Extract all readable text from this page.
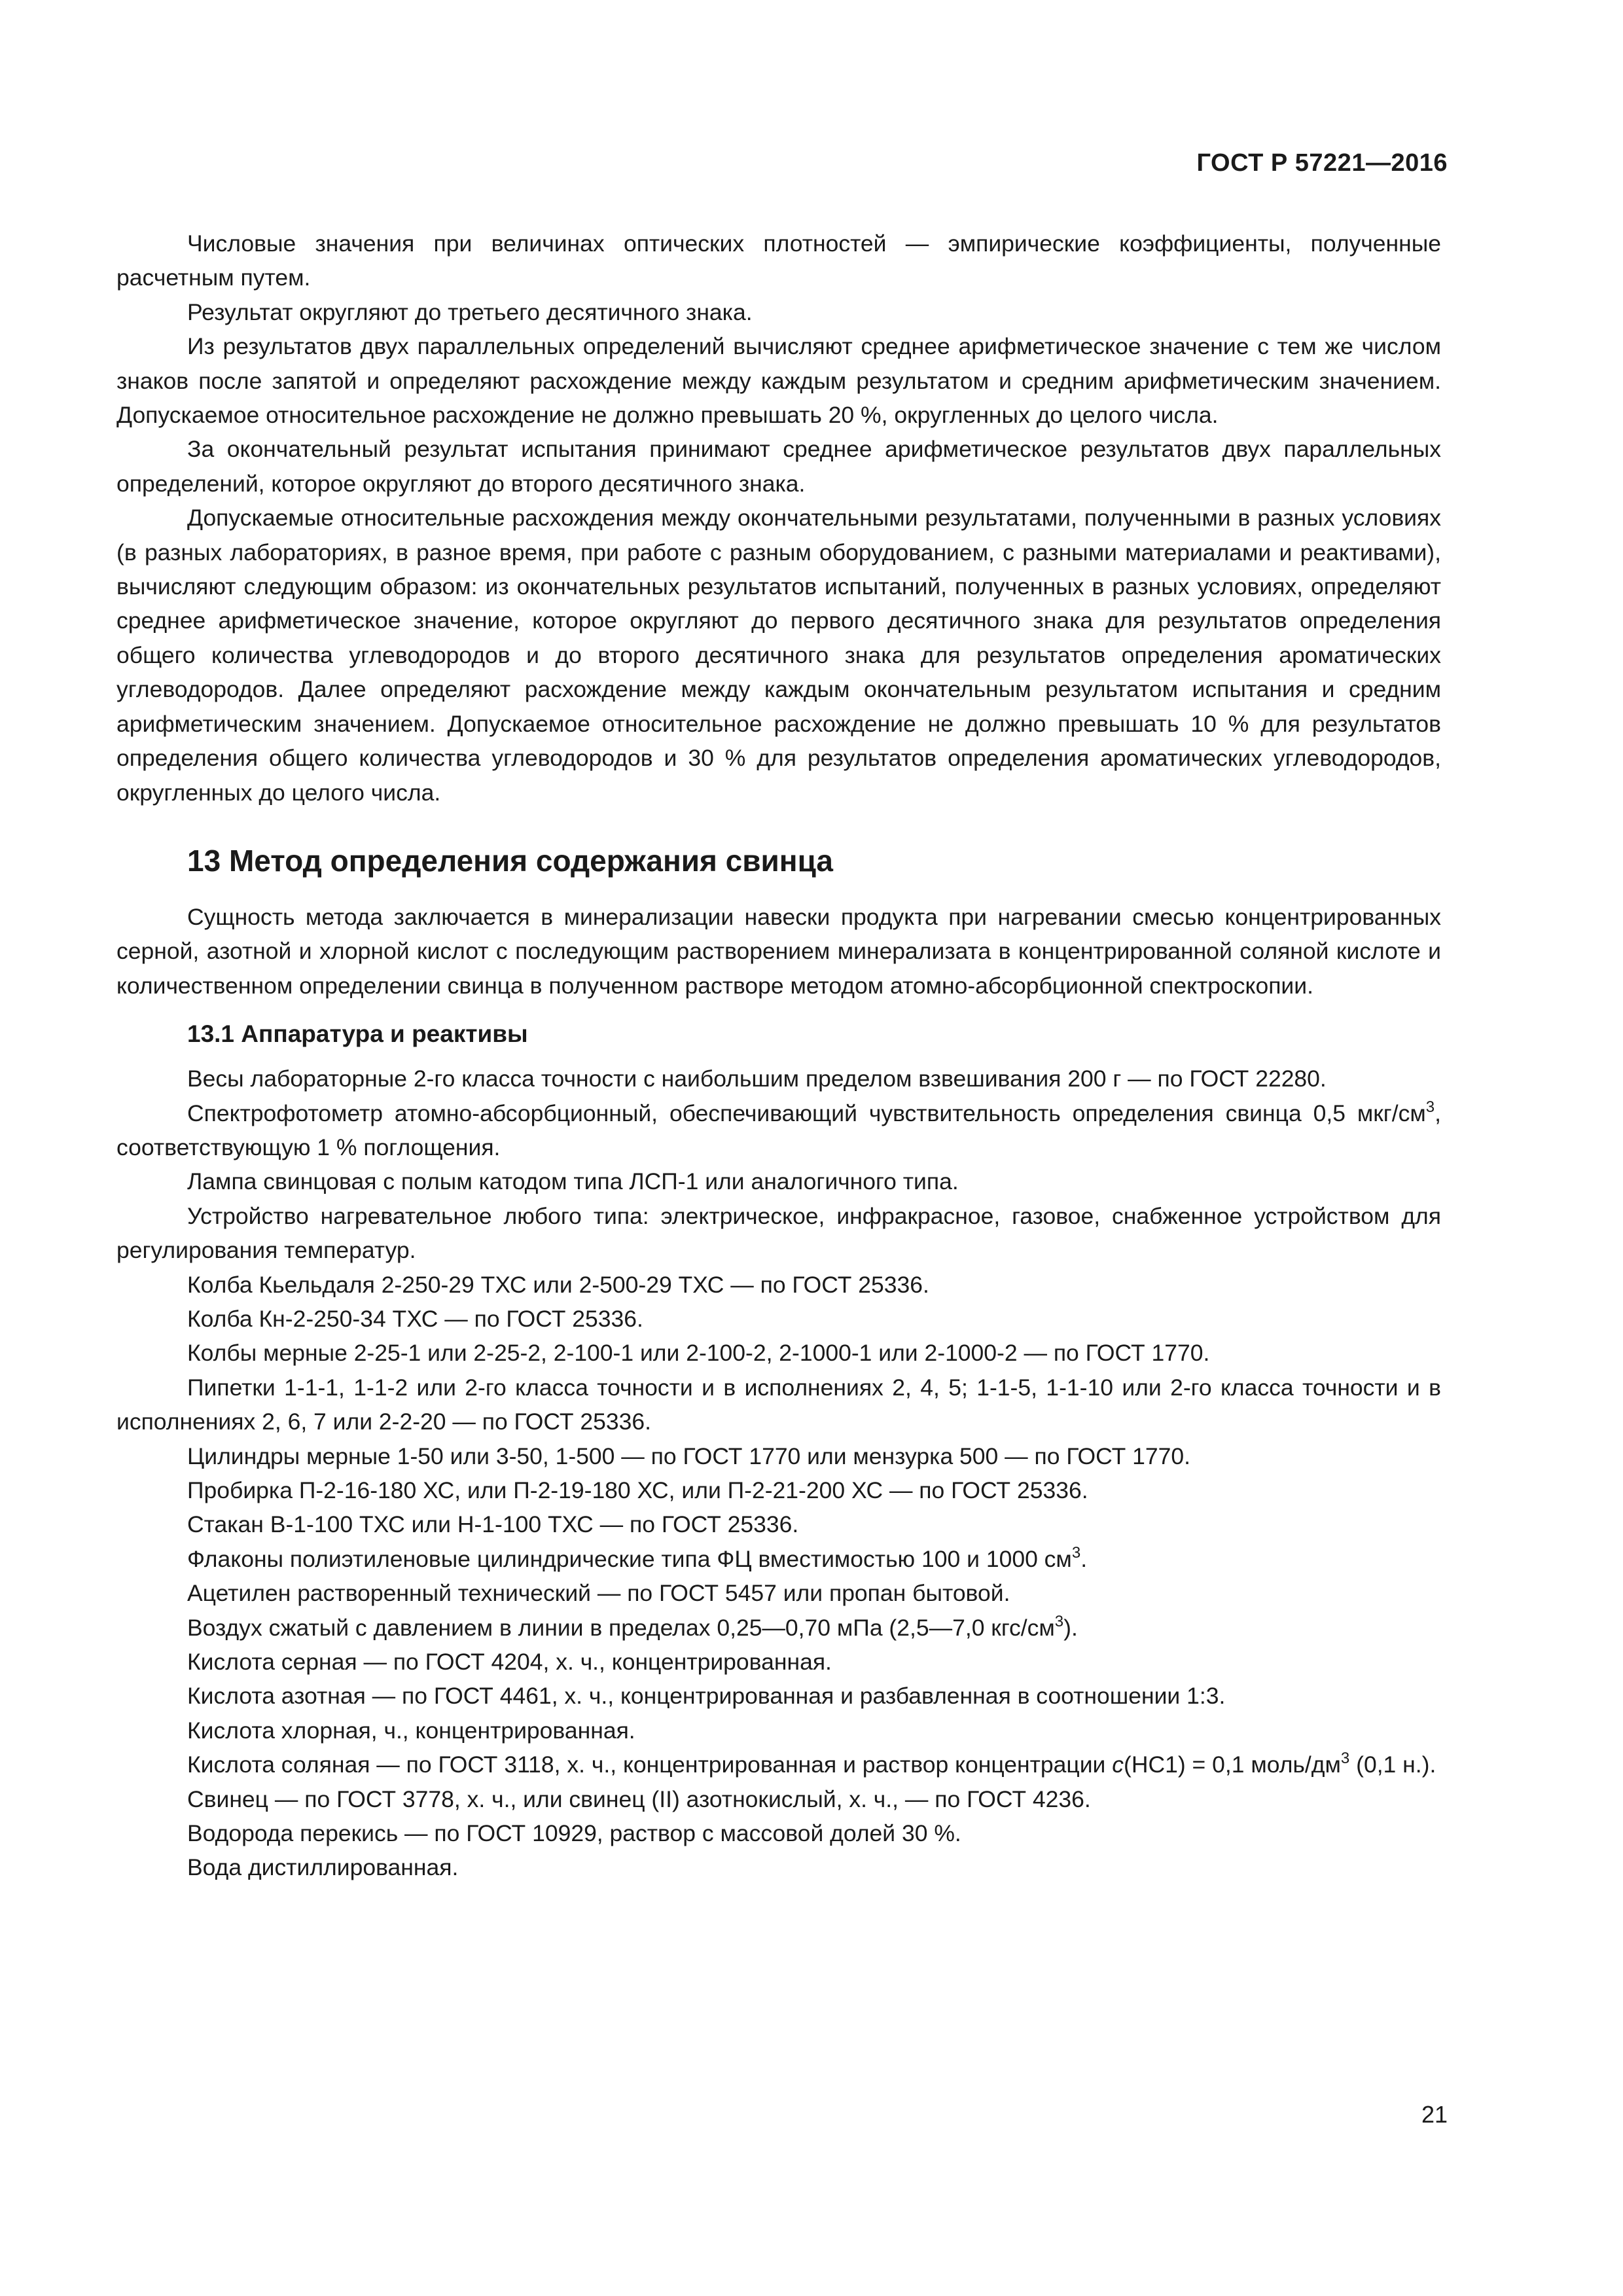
ГОСТ Р 57221—2016

Числовые значения при величинах оптических плотностей — эмпирические коэффициенты, полученные расчетным путем.

Результат округляют до третьего десятичного знака.

Из результатов двух параллельных определений вычисляют среднее арифметическое значение с тем же числом знаков после запятой и определяют расхождение между каждым результатом и средним арифметическим значением. Допускаемое относительное расхождение не должно превышать 20 %, округленных до целого числа.

За окончательный результат испытания принимают среднее арифметическое результатов двух параллельных определений, которое округляют до второго десятичного знака.

Допускаемые относительные расхождения между окончательными результатами, полученными в разных условиях (в разных лабораториях, в разное время, при работе с разным оборудованием, с разными материалами и реактивами), вычисляют следующим образом: из окончательных результатов испытаний, полученных в разных условиях, определяют среднее арифметическое значение, которое округляют до первого десятичного знака для результатов определения общего количества углеводородов и до второго десятичного знака для результатов определения ароматических углеводородов. Далее определяют расхождение между каждым окончательным результатом испытания и средним арифметическим значением. Допускаемое относительное расхождение не должно превышать 10 % для результатов определения общего количества углеводородов и 30 % для результатов определения ароматических углеводородов, округленных до целого числа.

13 Метод определения содержания свинца

Сущность метода заключается в минерализации навески продукта при нагревании смесью концентрированных серной, азотной и хлорной кислот с последующим растворением минерализата в концентрированной соляной кислоте и количественном определении свинца в полученном растворе методом атомно-абсорбционной спектроскопии.

13.1 Аппаратура и реактивы

Весы лабораторные 2-го класса точности с наибольшим пределом взвешивания 200 г — по ГОСТ 22280.

Спектрофотометр атомно-абсорбционный, обеспечивающий чувствительность определения свинца 0,5 мкг/$см^3$, соответствующую 1 % поглощения.

Лампа свинцовая с полым катодом типа ЛСП-1 или аналогичного типа.

Устройство нагревательное любого типа: электрическое, инфракрасное, газовое, снабженное устройством для регулирования температур.

Колба Кьельдаля 2-250-29 ТХС или 2-500-29 ТХС — по ГОСТ 25336.

Колба Кн-2-250-34 ТХС — по ГОСТ 25336.

Колбы мерные 2-25-1 или 2-25-2, 2-100-1 или 2-100-2, 2-1000-1 или 2-1000-2 — по ГОСТ 1770.

Пипетки 1-1-1, 1-1-2 или 2-го класса точности и в исполнениях 2, 4, 5; 1-1-5, 1-1-10 или 2-го класса точности и в исполнениях 2, 6, 7 или 2-2-20 — по ГОСТ 25336.

Цилиндры мерные 1-50 или 3-50, 1-500 — по ГОСТ 1770 или мензурка 500 — по ГОСТ 1770.

Пробирка П-2-16-180 ХС, или П-2-19-180 ХС, или П-2-21-200 ХС — по ГОСТ 25336.

Стакан В-1-100 ТХС или Н-1-100 ТХС — по ГОСТ 25336.

Флаконы полиэтиленовые цилиндрические типа ФЦ вместимостью 100 и 1000 $см^3$.

Ацетилен растворенный технический — по ГОСТ 5457 или пропан бытовой.

Воздух сжатый с давлением в линии в пределах 0,25—0,70 мПа (2,5—7,0 кгс/$см^3$).

Кислота серная — по ГОСТ 4204, х. ч., концентрированная.

Кислота азотная — по ГОСТ 4461, х. ч., концентрированная и разбавленная в соотношении 1:3.

Кислота хлорная, ч., концентрированная.

Кислота соляная — по ГОСТ 3118, х. ч., концентрированная и раствор концентрации с(НС1) = 0,1 моль/$дм^3$ (0,1 н.).

Свинец — по ГОСТ 3778, х. ч., или свинец (II) азотнокислый, х. ч., — по ГОСТ 4236.

Водорода перекись — по ГОСТ 10929, раствор с массовой долей 30 %.

Вода дистиллированная.

21
